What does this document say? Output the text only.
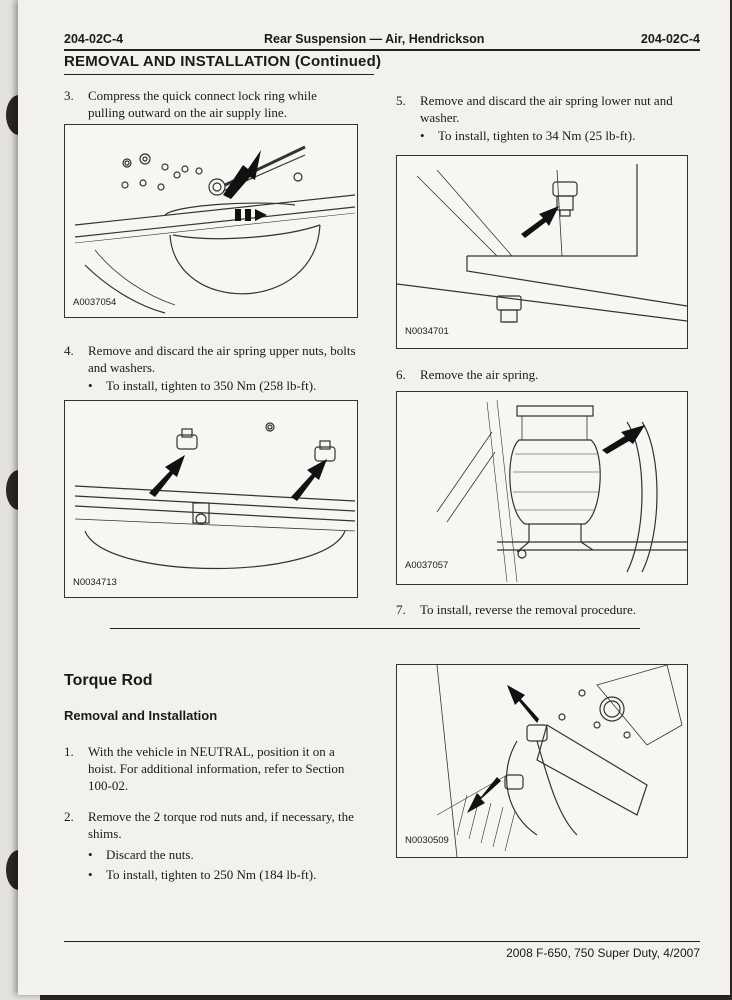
204-02C-4	Rear Suspension — Air, Hendrickson	204-02C-4
REMOVAL AND INSTALLATION (Continued)
3. Compress the quick connect lock ring while pulling outward on the air supply line.
A0037054
4. Remove and discard the air spring upper nuts, bolts and washers.
• To install, tighten to 350 Nm (258 lb-ft).
N0034713
Torque Rod
Removal and Installation
1. With the vehicle in NEUTRAL, position it on a hoist. For additional information, refer to Section 100-02.
2. Remove the 2 torque rod nuts and, if necessary, the shims.
• Discard the nuts.
• To install, tighten to 250 Nm (184 lb-ft).
5. Remove and discard the air spring lower nut and washer.
• To install, tighten to 34 Nm (25 lb-ft).
N0034701
6. Remove the air spring.
A0037057
7. To install, reverse the removal procedure.
N0030509
2008 F-650, 750 Super Duty, 4/2007
